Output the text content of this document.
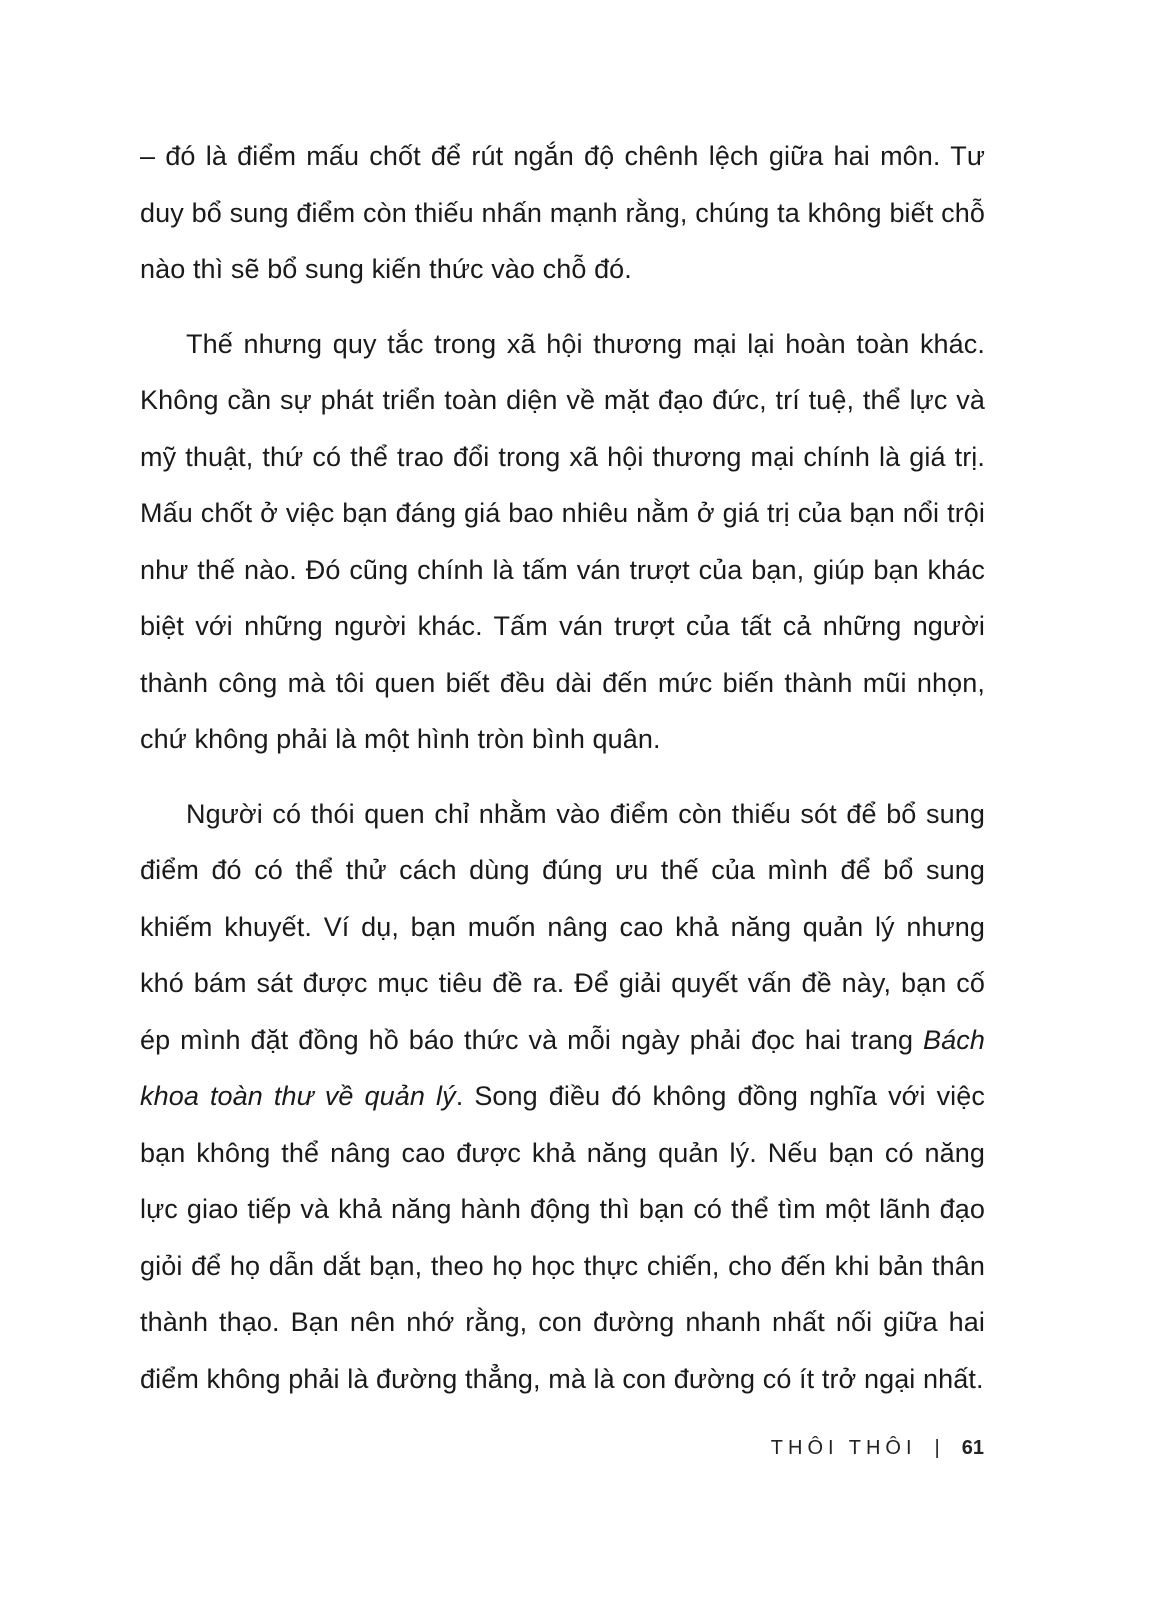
– đó là điểm mấu chốt để rút ngắn độ chênh lệch giữa hai môn. Tư duy bổ sung điểm còn thiếu nhấn mạnh rằng, chúng ta không biết chỗ nào thì sẽ bổ sung kiến thức vào chỗ đó.

Thế nhưng quy tắc trong xã hội thương mại lại hoàn toàn khác. Không cần sự phát triển toàn diện về mặt đạo đức, trí tuệ, thể lực và mỹ thuật, thứ có thể trao đổi trong xã hội thương mại chính là giá trị. Mấu chốt ở việc bạn đáng giá bao nhiêu nằm ở giá trị của bạn nổi trội như thế nào. Đó cũng chính là tấm ván trượt của bạn, giúp bạn khác biệt với những người khác. Tấm ván trượt của tất cả những người thành công mà tôi quen biết đều dài đến mức biến thành mũi nhọn, chứ không phải là một hình tròn bình quân.

Người có thói quen chỉ nhằm vào điểm còn thiếu sót để bổ sung điểm đó có thể thử cách dùng đúng ưu thế của mình để bổ sung khiếm khuyết. Ví dụ, bạn muốn nâng cao khả năng quản lý nhưng khó bám sát được mục tiêu đề ra. Để giải quyết vấn đề này, bạn cố ép mình đặt đồng hồ báo thức và mỗi ngày phải đọc hai trang Bách khoa toàn thư về quản lý. Song điều đó không đồng nghĩa với việc bạn không thể nâng cao được khả năng quản lý. Nếu bạn có năng lực giao tiếp và khả năng hành động thì bạn có thể tìm một lãnh đạo giỏi để họ dẫn dắt bạn, theo họ học thực chiến, cho đến khi bản thân thành thạo. Bạn nên nhớ rằng, con đường nhanh nhất nối giữa hai điểm không phải là đường thẳng, mà là con đường có ít trở ngại nhất.

THÔI THÔI | 61
